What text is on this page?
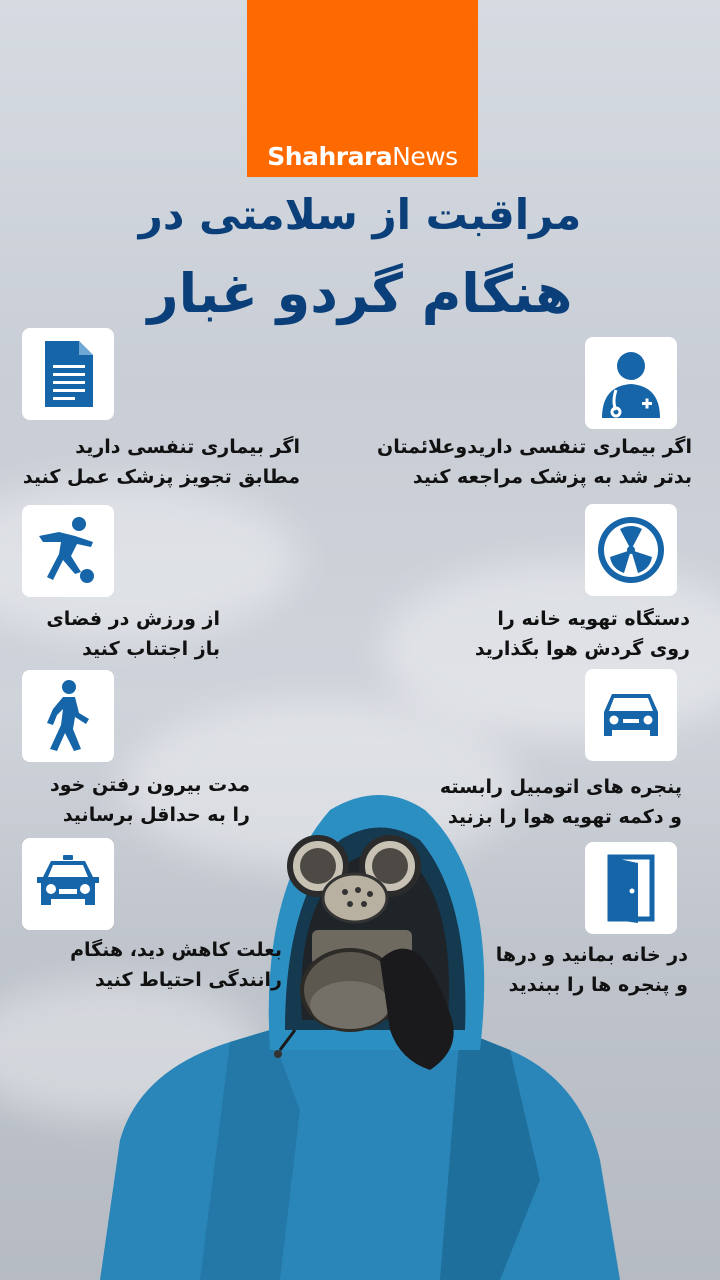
ShahraraNews
مراقبت از سلامتی در
هنگام گردو غبار
اگر بیماری تنفسی دارید
مطابق تجویز پزشک عمل کنید
از ورزش در فضای
باز اجتناب کنید
مدت بیرون رفتن خود
را به حداقل برسانید
بعلت کاهش دید، هنگام
رانندگی احتیاط کنید
اگر بیماری تنفسی داریدوعلائمتان
بدتر شد به پزشک مراجعه کنید
دستگاه تهویه خانه را
روی گردش هوا بگذارید
پنجره های اتومبیل رابسته
و دکمه تهویه هوا را بزنید
در خانه بمانید و درها
و پنجره ها را ببندید
